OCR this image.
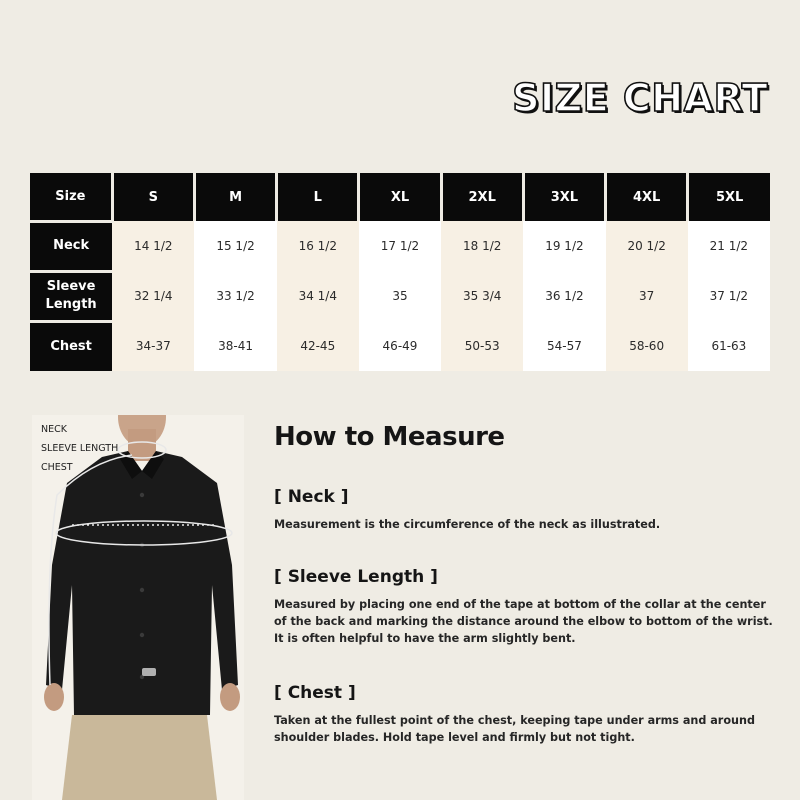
SIZE CHART
Size	S	M	L	XL	2XL	3XL	4XL	5XL
Neck	14 1/2	15 1/2	16 1/2	17 1/2	18 1/2	19 1/2	20 1/2	21 1/2
Sleeve
Length	32 1/4	33 1/2	34 1/4	35	35 3/4	36 1/2	37	37 1/2
Chest	34-37	38-41	42-45	46-49	50-53	54-57	58-60	61-63
NECK
SLEEVE LENGTH
CHEST
How to Measure
[ Neck ]
Measurement is the circumference of the neck as illustrated.
[ Sleeve Length ]
Measured by placing one end of the tape at bottom of the collar at the center of the back and marking the distance around the elbow to bottom of the wrist. It is often helpful to have the arm slightly bent.
[ Chest ]
Taken at the fullest point of the chest, keeping tape under arms and around shoulder blades. Hold tape level and firmly but not tight.
